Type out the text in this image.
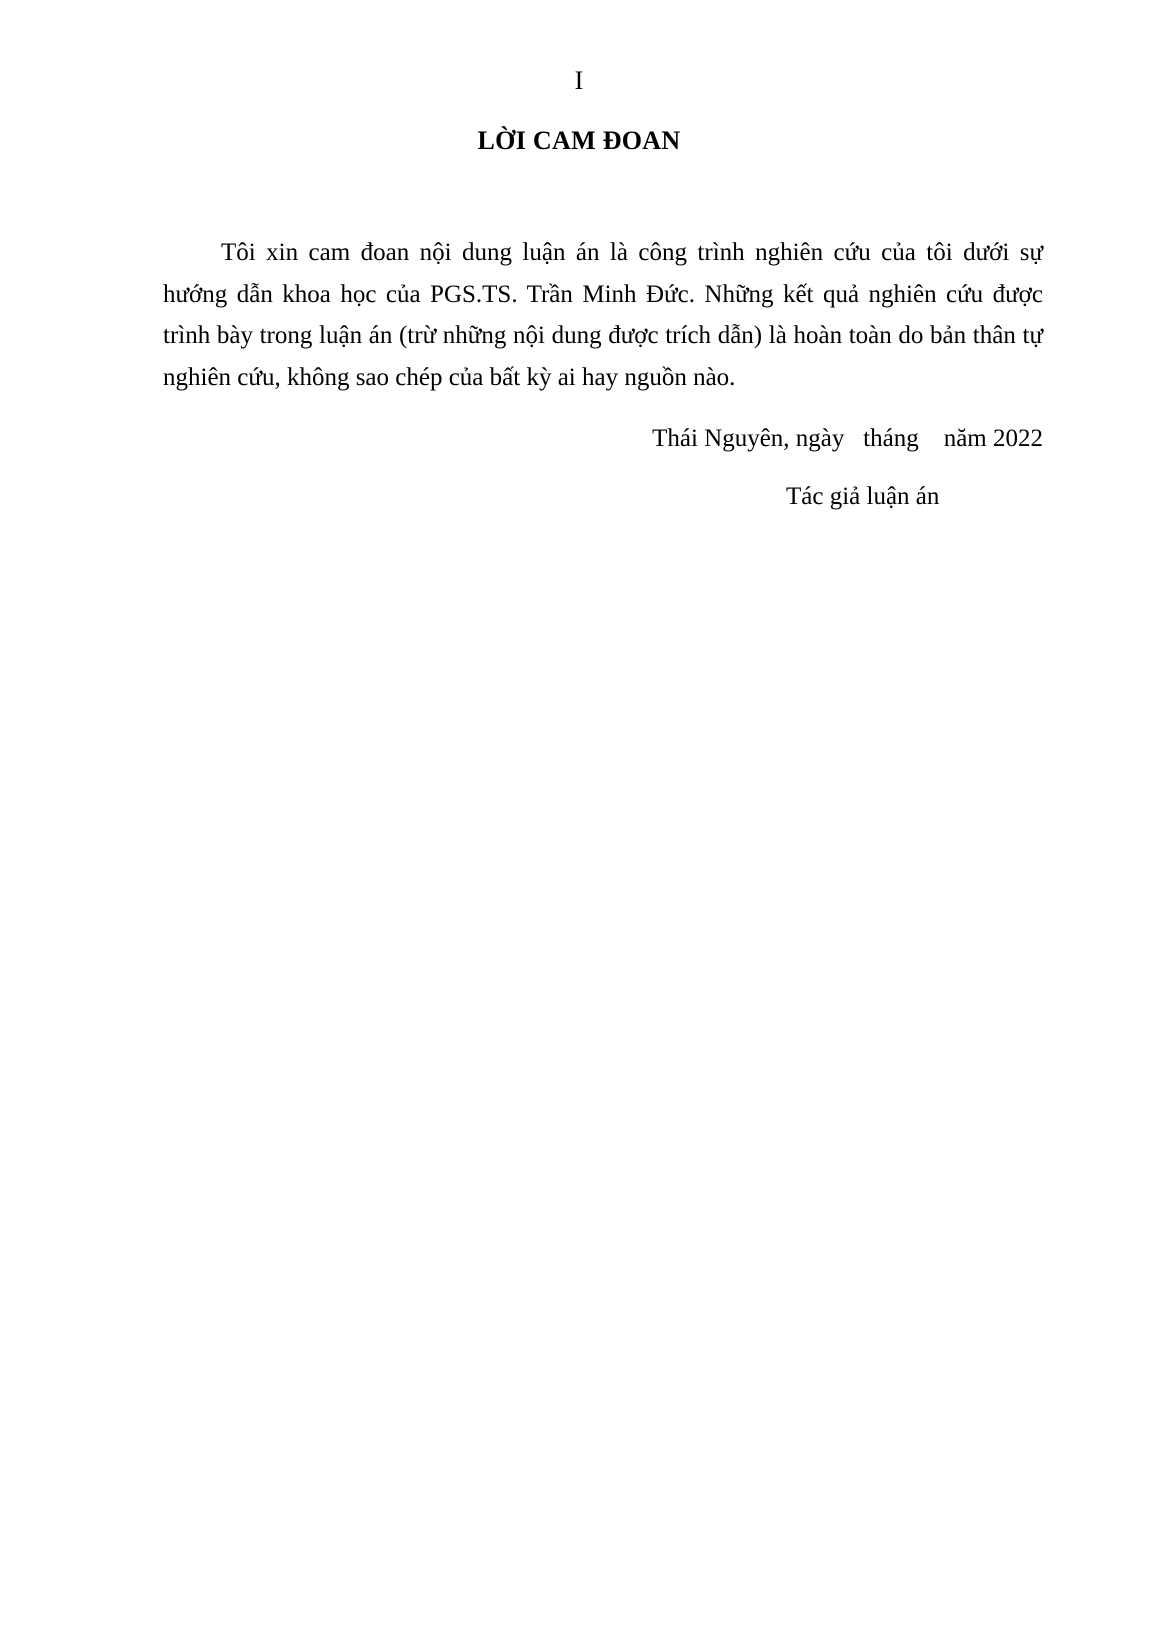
I
LỜI CAM ĐOAN

Tôi xin cam đoan nội dung luận án là công trình nghiên cứu của tôi dưới sự hướng dẫn khoa học của PGS.TS. Trần Minh Đức. Những kết quả nghiên cứu được trình bày trong luận án (trừ những nội dung được trích dẫn) là hoàn toàn do bản thân tự nghiên cứu, không sao chép của bất kỳ ai hay nguồn nào.

Thái Nguyên, ngày   tháng    năm 2022
Tác giả luận án
